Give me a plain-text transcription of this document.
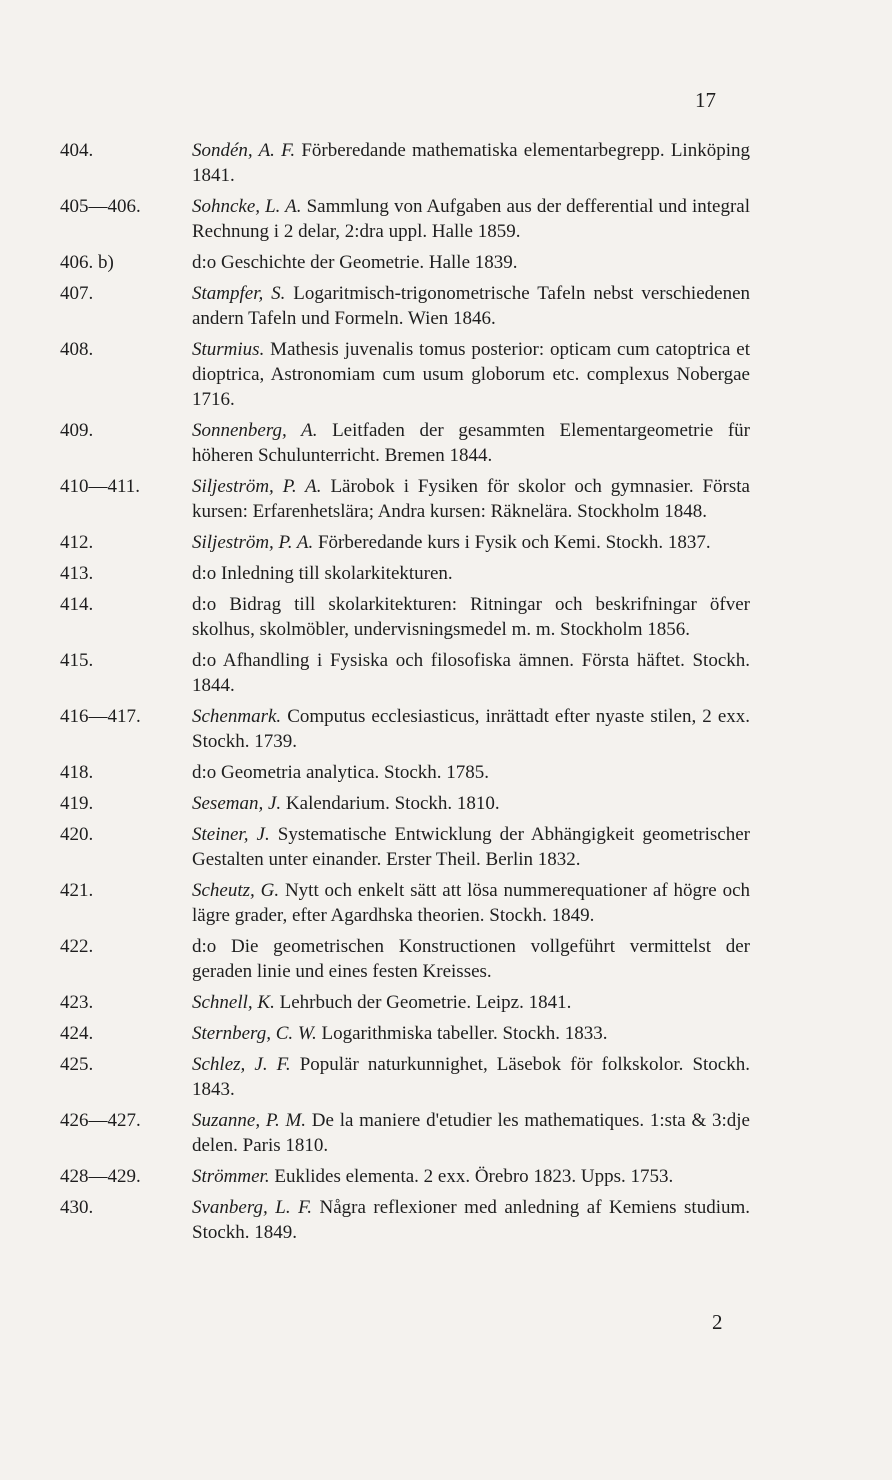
17
404.	Sondén, A. F. Förberedande mathematiska elementarbegrepp. Linköping 1841.
405—406.	Sohncke, L. A. Sammlung von Aufgaben aus der defferential und integral Rechnung i 2 delar, 2:dra uppl. Halle 1859.
406. b)	d:o Geschichte der Geometrie. Halle 1839.
407.	Stampfer, S. Logaritmisch-trigonometrische Tafeln nebst verschiedenen andern Tafeln und Formeln. Wien 1846.
408.	Sturmius. Mathesis juvenalis tomus posterior: opticam cum catoptrica et dioptrica, Astronomiam cum usum globorum etc. complexus Nobergae 1716.
409.	Sonnenberg, A. Leitfaden der gesammten Elementargeometrie für höheren Schulunterricht. Bremen 1844.
410—411.	Siljeström, P. A. Lärobok i Fysiken för skolor och gymnasier. Första kursen: Erfarenhetslära; Andra kursen: Räknelära. Stockholm 1848.
412.	Siljeström, P. A. Förberedande kurs i Fysik och Kemi. Stockh. 1837.
413.	d:o Inledning till skolarkitekturen.
414.	d:o Bidrag till skolarkitekturen: Ritningar och beskrifningar öfver skolhus, skolmöbler, undervisningsmedel m. m. Stockholm 1856.
415.	d:o Afhandling i Fysiska och filosofiska ämnen. Första häftet. Stockh. 1844.
416—417.	Schenmark. Computus ecclesiasticus, inrättadt efter nyaste stilen, 2 exx. Stockh. 1739.
418.	d:o Geometria analytica. Stockh. 1785.
419.	Seseman, J. Kalendarium. Stockh. 1810.
420.	Steiner, J. Systematische Entwicklung der Abhängigkeit geometrischer Gestalten unter einander. Erster Theil. Berlin 1832.
421.	Scheutz, G. Nytt och enkelt sätt att lösa nummerequationer af högre och lägre grader, efter Agardhska theorien. Stockh. 1849.
422.	d:o Die geometrischen Konstructionen vollgeführt vermittelst der geraden linie und eines festen Kreisses.
423.	Schnell, K. Lehrbuch der Geometrie. Leipz. 1841.
424.	Sternberg, C. W. Logarithmiska tabeller. Stockh. 1833.
425.	Schlez, J. F. Populär naturkunnighet, Läsebok för folkskolor. Stockh. 1843.
426—427.	Suzanne, P. M. De la maniere d'etudier les mathematiques. 1:sta & 3:dje delen. Paris 1810.
428—429.	Strömmer. Euklides elementa. 2 exx. Örebro 1823. Upps. 1753.
430.	Svanberg, L. F. Några reflexioner med anledning af Kemiens studium. Stockh. 1849.
2
